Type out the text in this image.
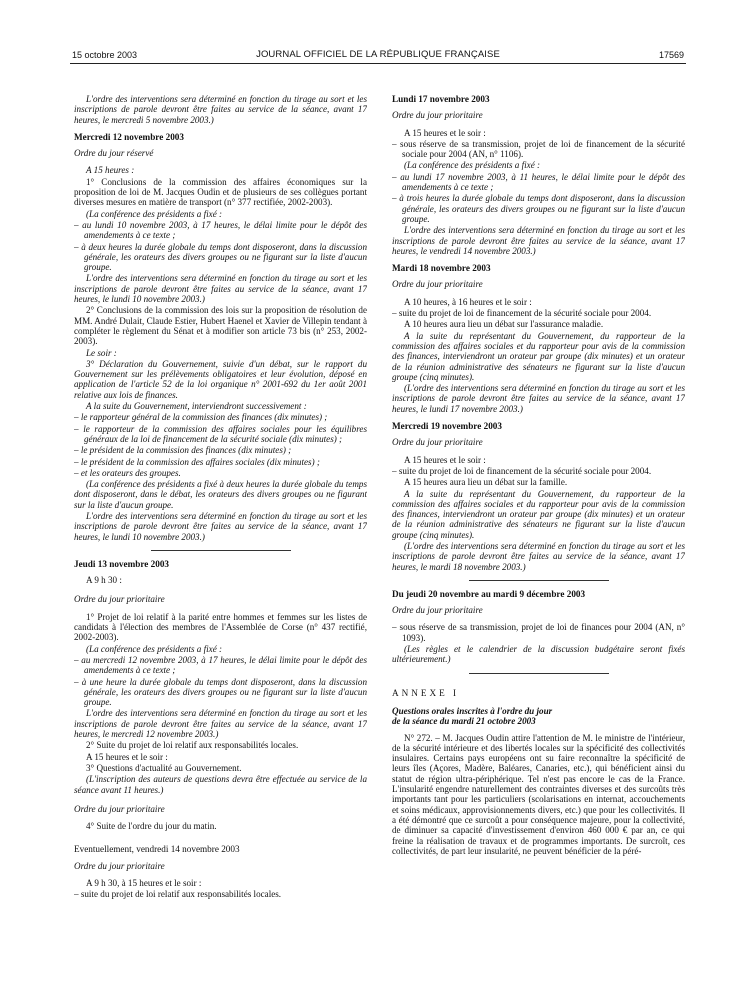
15 octobre 2003	JOURNAL OFFICIEL DE LA RÉPUBLIQUE FRANÇAISE	17569

L'ordre des interventions sera déterminé en fonction du tirage au sort et les inscriptions de parole devront être faites au service de la séance, avant 17 heures, le mercredi 5 novembre 2003.)

Mercredi 12 novembre 2003

Ordre du jour réservé

A 15 heures :

1° Conclusions de la commission des affaires économiques sur la proposition de loi de M. Jacques Oudin et de plusieurs de ses collègues portant diverses mesures en matière de transport (n° 377 rectifiée, 2002-2003).

(La conférence des présidents a fixé :

– au lundi 10 novembre 2003, à 17 heures, le délai limite pour le dépôt des amendements à ce texte ;

– à deux heures la durée globale du temps dont disposeront, dans la discussion générale, les orateurs des divers groupes ou ne figurant sur la liste d'aucun groupe.

L'ordre des interventions sera déterminé en fonction du tirage au sort et les inscriptions de parole devront être faites au service de la séance, avant 17 heures, le lundi 10 novembre 2003.)

2° Conclusions de la commission des lois sur la proposition de résolution de MM. André Dulait, Claude Estier, Hubert Haenel et Xavier de Villepin tendant à compléter le règlement du Sénat et à modifier son article 73 bis (n° 253, 2002-2003).

Le soir :

3° Déclaration du Gouvernement, suivie d'un débat, sur le rapport du Gouvernement sur les prélèvements obligatoires et leur évolution, déposé en application de l'article 52 de la loi organique n° 2001-692 du 1er août 2001 relative aux lois de finances.

A la suite du Gouvernement, interviendront successivement :

– le rapporteur général de la commission des finances (dix minutes) ;

– le rapporteur de la commission des affaires sociales pour les équilibres généraux de la loi de financement de la sécurité sociale (dix minutes) ;

– le président de la commission des finances (dix minutes) ;

– le président de la commission des affaires sociales (dix minutes) ;

– et les orateurs des groupes.

(La conférence des présidents a fixé à deux heures la durée globale du temps dont disposeront, dans le débat, les orateurs des divers groupes ou ne figurant sur la liste d'aucun groupe.

L'ordre des interventions sera déterminé en fonction du tirage au sort et les inscriptions de parole devront être faites au service de la séance, avant 17 heures, le lundi 10 novembre 2003.)

Jeudi 13 novembre 2003

A 9 h 30 :

Ordre du jour prioritaire

1° Projet de loi relatif à la parité entre hommes et femmes sur les listes de candidats à l'élection des membres de l'Assemblée de Corse (n° 437 rectifié, 2002-2003).

(La conférence des présidents a fixé :

– au mercredi 12 novembre 2003, à 17 heures, le délai limite pour le dépôt des amendements à ce texte ;

– à une heure la durée globale du temps dont disposeront, dans la discussion générale, les orateurs des divers groupes ou ne figurant sur la liste d'aucun groupe.

L'ordre des interventions sera déterminé en fonction du tirage au sort et les inscriptions de parole devront être faites au service de la séance, avant 17 heures, le mercredi 12 novembre 2003.)

2° Suite du projet de loi relatif aux responsabilités locales.

A 15 heures et le soir :

3° Questions d'actualité au Gouvernement.

(L'inscription des auteurs de questions devra être effectuée au service de la séance avant 11 heures.)

Ordre du jour prioritaire

4° Suite de l'ordre du jour du matin.

Eventuellement, vendredi 14 novembre 2003

Ordre du jour prioritaire

A 9 h 30, à 15 heures et le soir :

– suite du projet de loi relatif aux responsabilités locales.

Lundi 17 novembre 2003

Ordre du jour prioritaire

A 15 heures et le soir :

– sous réserve de sa transmission, projet de loi de financement de la sécurité sociale pour 2004 (AN, n° 1106).

(La conférence des présidents a fixé :

– au lundi 17 novembre 2003, à 11 heures, le délai limite pour le dépôt des amendements à ce texte ;

– à trois heures la durée globale du temps dont disposeront, dans la discussion générale, les orateurs des divers groupes ou ne figurant sur la liste d'aucun groupe.

L'ordre des interventions sera déterminé en fonction du tirage au sort et les inscriptions de parole devront être faites au service de la séance, avant 17 heures, le vendredi 14 novembre 2003.)

Mardi 18 novembre 2003

Ordre du jour prioritaire

A 10 heures, à 16 heures et le soir :

– suite du projet de loi de financement de la sécurité sociale pour 2004.

A 10 heures aura lieu un débat sur l'assurance maladie.

A la suite du représentant du Gouvernement, du rapporteur de la commission des affaires sociales et du rapporteur pour avis de la commission des finances, interviendront un orateur par groupe (dix minutes) et un orateur de la réunion administrative des sénateurs ne figurant sur la liste d'aucun groupe (cinq minutes).

(L'ordre des interventions sera déterminé en fonction du tirage au sort et les inscriptions de parole devront être faites au service de la séance, avant 17 heures, le lundi 17 novembre 2003.)

Mercredi 19 novembre 2003

Ordre du jour prioritaire

A 15 heures et le soir :

– suite du projet de loi de financement de la sécurité sociale pour 2004.

A 15 heures aura lieu un débat sur la famille.

A la suite du représentant du Gouvernement, du rapporteur de la commission des affaires sociales et du rapporteur pour avis de la commission des finances, interviendront un orateur par groupe (dix minutes) et un orateur de la réunion administrative des sénateurs ne figurant sur la liste d'aucun groupe (cinq minutes).

(L'ordre des interventions sera déterminé en fonction du tirage au sort et les inscriptions de parole devront être faites au service de la séance, avant 17 heures, le mardi 18 novembre 2003.)

Du jeudi 20 novembre au mardi 9 décembre 2003

Ordre du jour prioritaire

– sous réserve de sa transmission, projet de loi de finances pour 2004 (AN, n° 1093).

(Les règles et le calendrier de la discussion budgétaire seront fixés ultérieurement.)

ANNEXE I

Questions orales inscrites à l'ordre du jour

de la séance du mardi 21 octobre 2003

N° 272. – M. Jacques Oudin attire l'attention de M. le ministre de l'intérieur, de la sécurité intérieure et des libertés locales sur la spécificité des collectivités insulaires. Certains pays européens ont su faire reconnaître la spécificité de leurs îles (Açores, Madère, Baléares, Canaries, etc.), qui bénéficient ainsi du statut de région ultra-périphérique. Tel n'est pas encore le cas de la France. L'insularité engendre naturellement des contraintes diverses et des surcoûts très importants tant pour les particuliers (scolarisations en internat, accouchements et soins médicaux, approvisionnements divers, etc.) que pour les collectivités. Il a été démontré que ce surcoût a pour conséquence majeure, pour la collectivité, de diminuer sa capacité d'investissement d'environ 460 000 € par an, ce qui freine la réalisation de travaux et de programmes importants. De surcroît, ces collectivités, de part leur insularité, ne peuvent bénéficier de la péré-
